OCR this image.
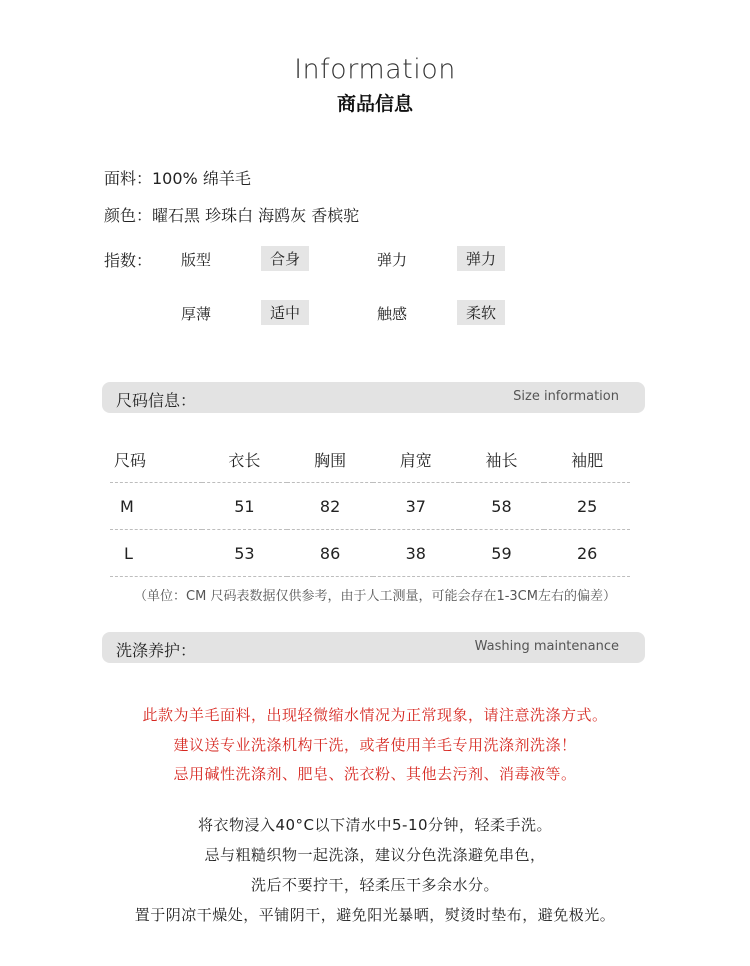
Information
商品信息
面料：100% 绵羊毛
颜色：曜石黑 珍珠白 海鸥灰 香槟驼
指数： 版型	合身	弹力	弹力
厚薄	适中	触感	柔软
尺码信息：	Size information
尺码	衣长	胸围	肩宽	袖长	袖肥
M	51	82	37	58	25
L	53	86	38	59	26
（单位：CM 尺码表数据仅供参考，由于人工测量，可能会存在1-3CM左右的偏差）
洗涤养护：	Washing maintenance
此款为羊毛面料，出现轻微缩水情况为正常现象，请注意洗涤方式。
建议送专业洗涤机构干洗，或者使用羊毛专用洗涤剂洗涤！
忌用碱性洗涤剂、肥皂、洗衣粉、其他去污剂、消毒液等。
将衣物浸入40°C以下清水中5-10分钟，轻柔手洗。
忌与粗糙织物一起洗涤，建议分色洗涤避免串色，
洗后不要拧干，轻柔压干多余水分。
置于阴凉干燥处，平铺阴干，避免阳光暴晒，熨烫时垫布，避免极光。
